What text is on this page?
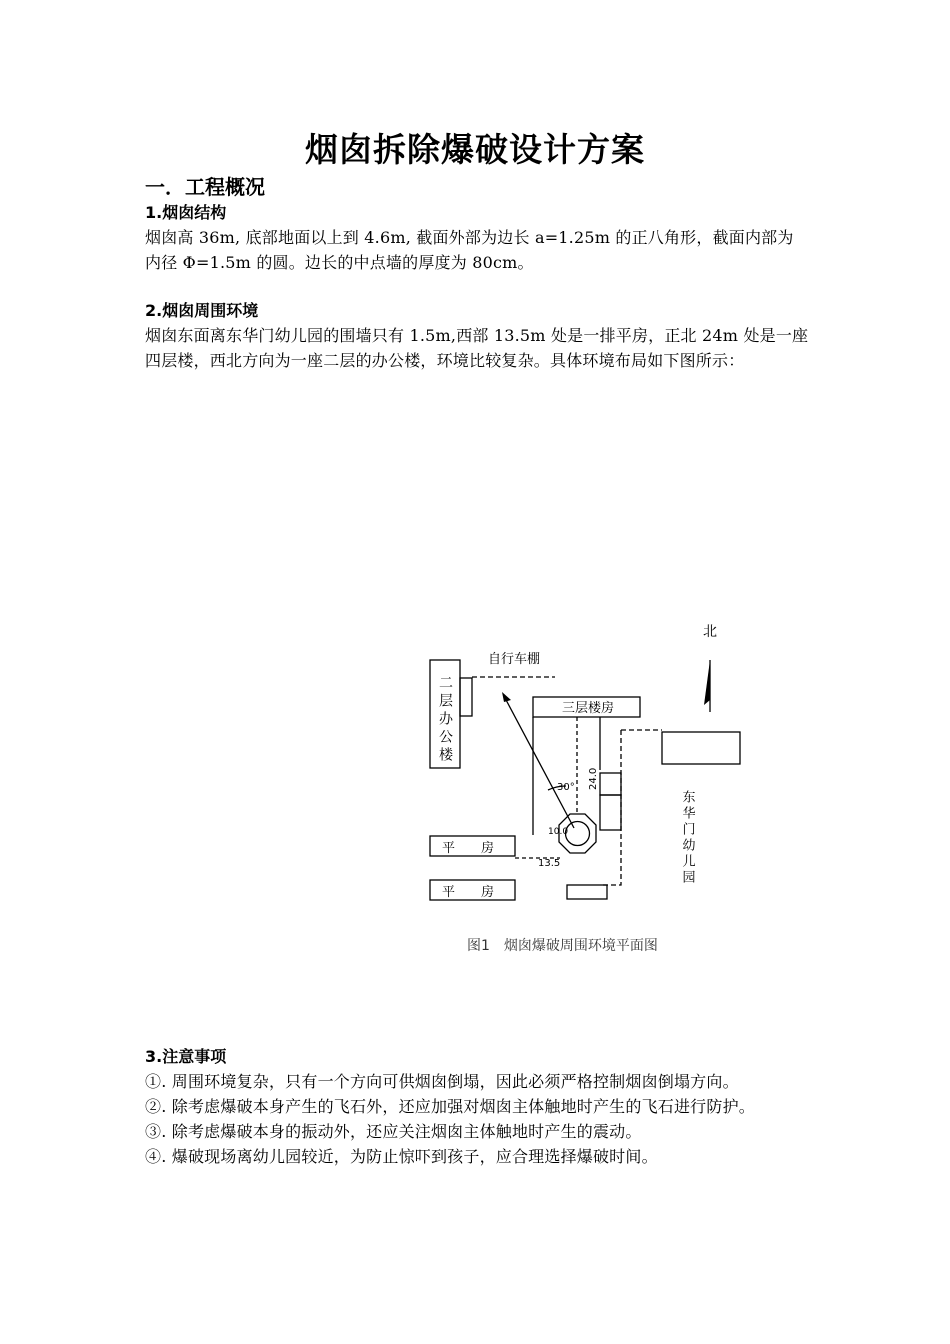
烟囱拆除爆破设计方案
一．工程概况
1.烟囱结构

烟囱高 36m, 底部地面以上到 4.6m, 截面外部为边长 a=1.25m 的正八角形，截面内部为内径 Φ=1.5m 的圆。边长的中点墙的厚度为 80cm。

2.烟囱周围环境

烟囱东面离东华门幼儿园的围墙只有 1.5m,西部 13.5m 处是一排平房，正北 24m 处是一座四层楼，西北方向为一座二层的办公楼，环境比较复杂。具体环境布局如下图所示：

北
自行车棚
三层楼房
二层办公楼
平　　房
平　　房
东华门幼儿园
30° 24.0
13.5
10.0
图1　烟囱爆破周围环境平面图
3.注意事项

①. 周围环境复杂，只有一个方向可供烟囱倒塌，因此必须严格控制烟囱倒塌方向。

②. 除考虑爆破本身产生的飞石外，还应加强对烟囱主体触地时产生的飞石进行防护。

③. 除考虑爆破本身的振动外，还应关注烟囱主体触地时产生的震动。

④. 爆破现场离幼儿园较近，为防止惊吓到孩子，应合理选择爆破时间。
